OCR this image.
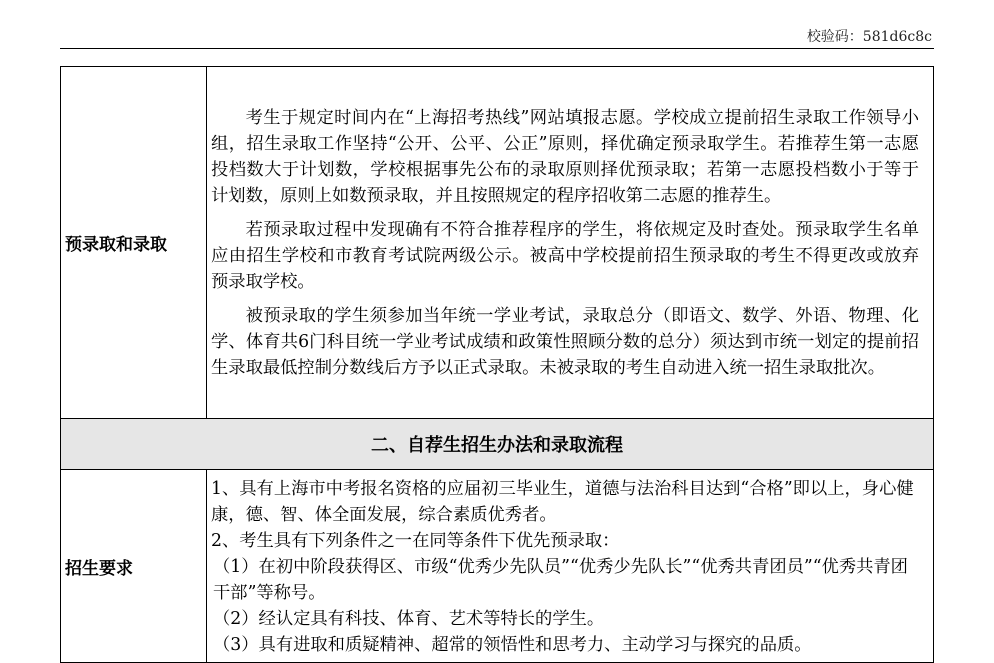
校验码：581d6c8c
预录取和录取	考生于规定时间内在“上海招考热线”网站填报志愿。学校成立提前招生录取工作领导小组，招生录取工作坚持“公开、公平、公正”原则，择优确定预录取学生。若推荐生第一志愿投档数大于计划数，学校根据事先公布的录取原则择优预录取；若第一志愿投档数小于等于计划数，原则上如数预录取，并且按照规定的程序招收第二志愿的推荐生。

若预录取过程中发现确有不符合推荐程序的学生，将依规定及时查处。预录取学生名单应由招生学校和市教育考试院两级公示。被高中学校提前招生预录取的考生不得更改或放弃预录取学校。

被预录取的学生须参加当年统一学业考试，录取总分（即语文、数学、外语、物理、化学、体育共6门科目统一学业考试成绩和政策性照顾分数的总分）须达到市统一划定的提前招生录取最低控制分数线后方予以正式录取。未被录取的考生自动进入统一招生录取批次。

二、自荐生招生办法和录取流程	
招生要求	1、具有上海市中考报名资格的应届初三毕业生，道德与法治科目达到“合格”即以上，身心健康，德、智、体全面发展，综合素质优秀者。

2、考生具有下列条件之一在同等条件下优先预录取：

（1）在初中阶段获得区、市级“优秀少先队员”“优秀少先队长”“优秀共青团员”“优秀共青团干部”等称号。

（2）经认定具有科技、体育、艺术等特长的学生。

（3）具有进取和质疑精神、超常的领悟性和思考力、主动学习与探究的品质。
